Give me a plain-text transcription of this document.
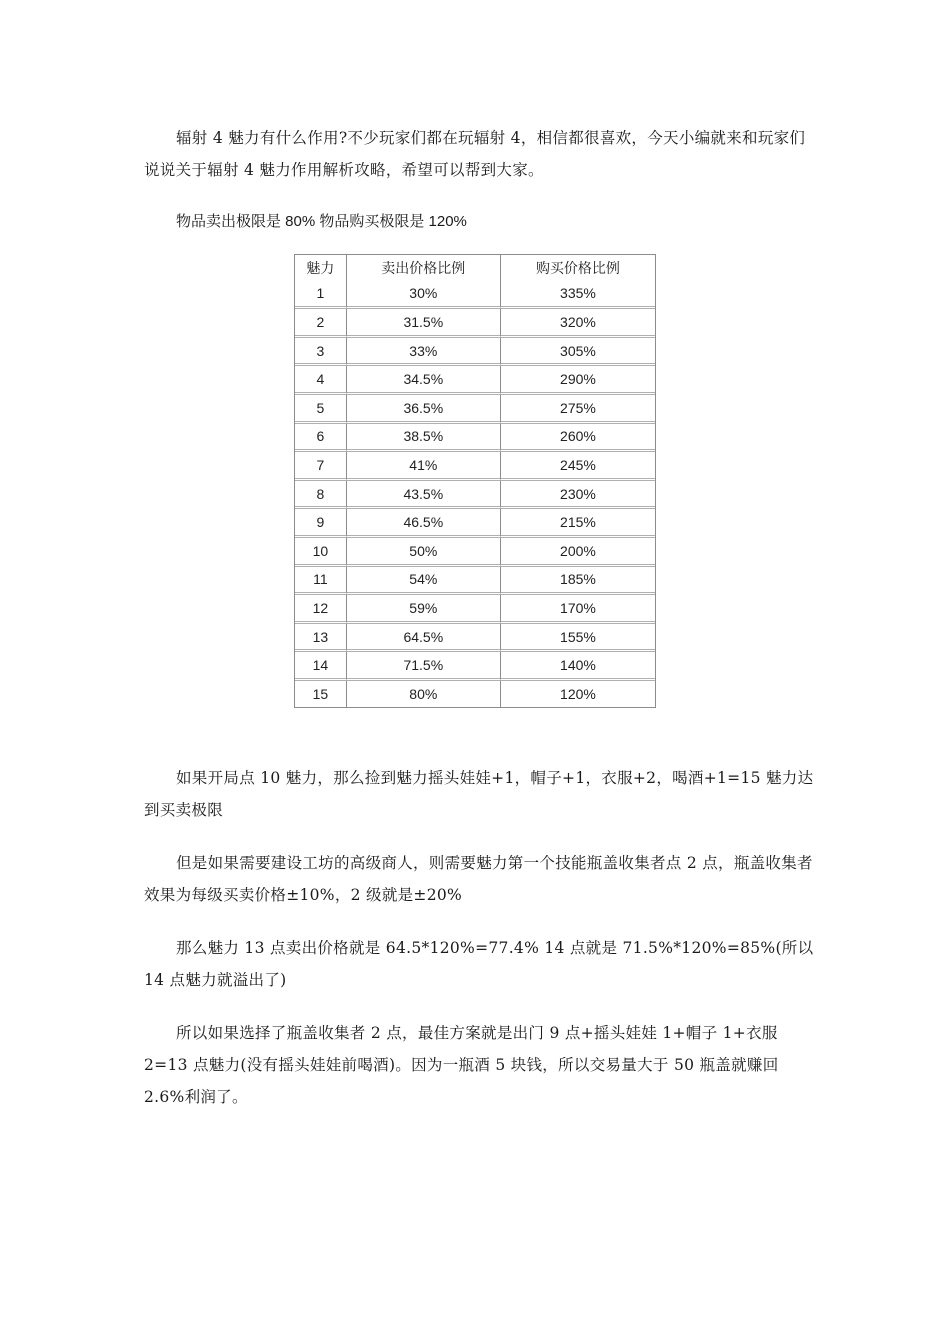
辐射 4 魅力有什么作用?不少玩家们都在玩辐射 4，相信都很喜欢，今天小编就来和玩家们说说关于辐射 4 魅力作用解析攻略，希望可以帮到大家。

物品卖出极限是 80% 物品购买极限是 120%

魅力	卖出价格比例	购买价格比例
1	30%	335%
2	31.5%	320%
3	33%	305%
4	34.5%	290%
5	36.5%	275%
6	38.5%	260%
7	41%	245%
8	43.5%	230%
9	46.5%	215%
10	50%	200%
11	54%	185%
12	59%	170%
13	64.5%	155%
14	71.5%	140%
15	80%	120%

如果开局点 10 魅力，那么捡到魅力摇头娃娃+1，帽子+1，衣服+2，喝酒+1=15 魅力达到买卖极限

但是如果需要建设工坊的高级商人，则需要魅力第一个技能瓶盖收集者点 2 点，瓶盖收集者效果为每级买卖价格±10%，2 级就是±20%

那么魅力 13 点卖出价格就是 64.5*120%=77.4% 14 点就是 71.5%*120%=85%(所以 14 点魅力就溢出了)

所以如果选择了瓶盖收集者 2 点，最佳方案就是出门 9 点+摇头娃娃 1+帽子 1+衣服 2=13 点魅力(没有摇头娃娃前喝酒)。因为一瓶酒 5 块钱，所以交易量大于 50 瓶盖就赚回 2.6%利润了。
